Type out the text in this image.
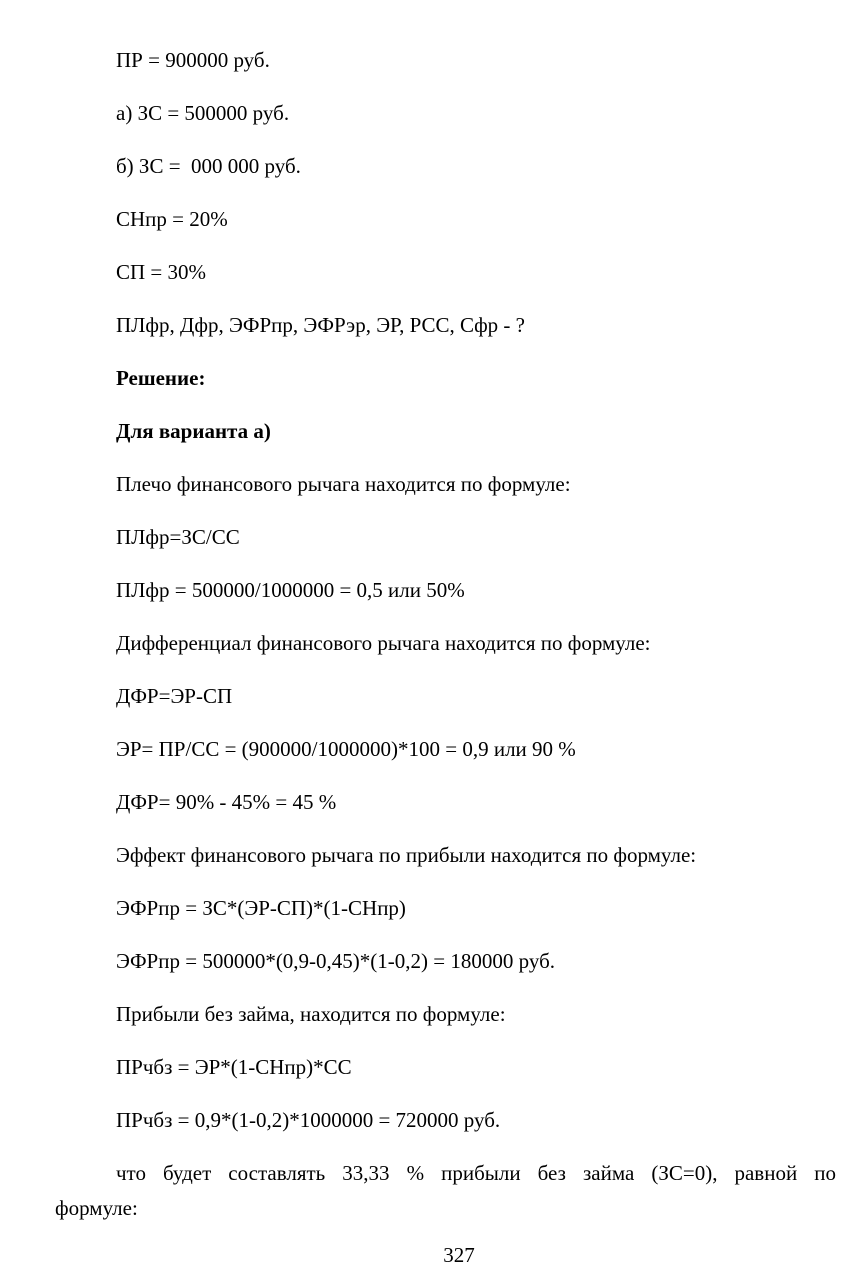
ПР = 900000 руб.
а) ЗС = 500000 руб.
б) ЗС =  000 000 руб.
СНпр = 20%
СП = 30%
ПЛфр, Дфр, ЭФРпр, ЭФРэр, ЭР, РСС, Сфр - ?
Решение:
Для варианта а)
Плечо финансового рычага находится по формуле:
ПЛфр=ЗС/СС
ПЛфр = 500000/1000000 = 0,5 или 50%
Дифференциал финансового рычага находится по формуле:
ДФР=ЭР-СП
ЭР= ПР/СС = (900000/1000000)*100 = 0,9 или 90 %
ДФР= 90% - 45% = 45 %
Эффект финансового рычага по прибыли находится по формуле:
ЭФРпр = ЗС*(ЭР-СП)*(1-СНпр)
ЭФРпр = 500000*(0,9-0,45)*(1-0,2) = 180000 руб.
Прибыли без займа, находится по формуле:
ПРчбз = ЭР*(1-СНпр)*СС
ПРчбз = 0,9*(1-0,2)*1000000 = 720000 руб.
что будет составлять 33,33 % прибыли без займа (ЗС=0), равной по
формуле:
327
